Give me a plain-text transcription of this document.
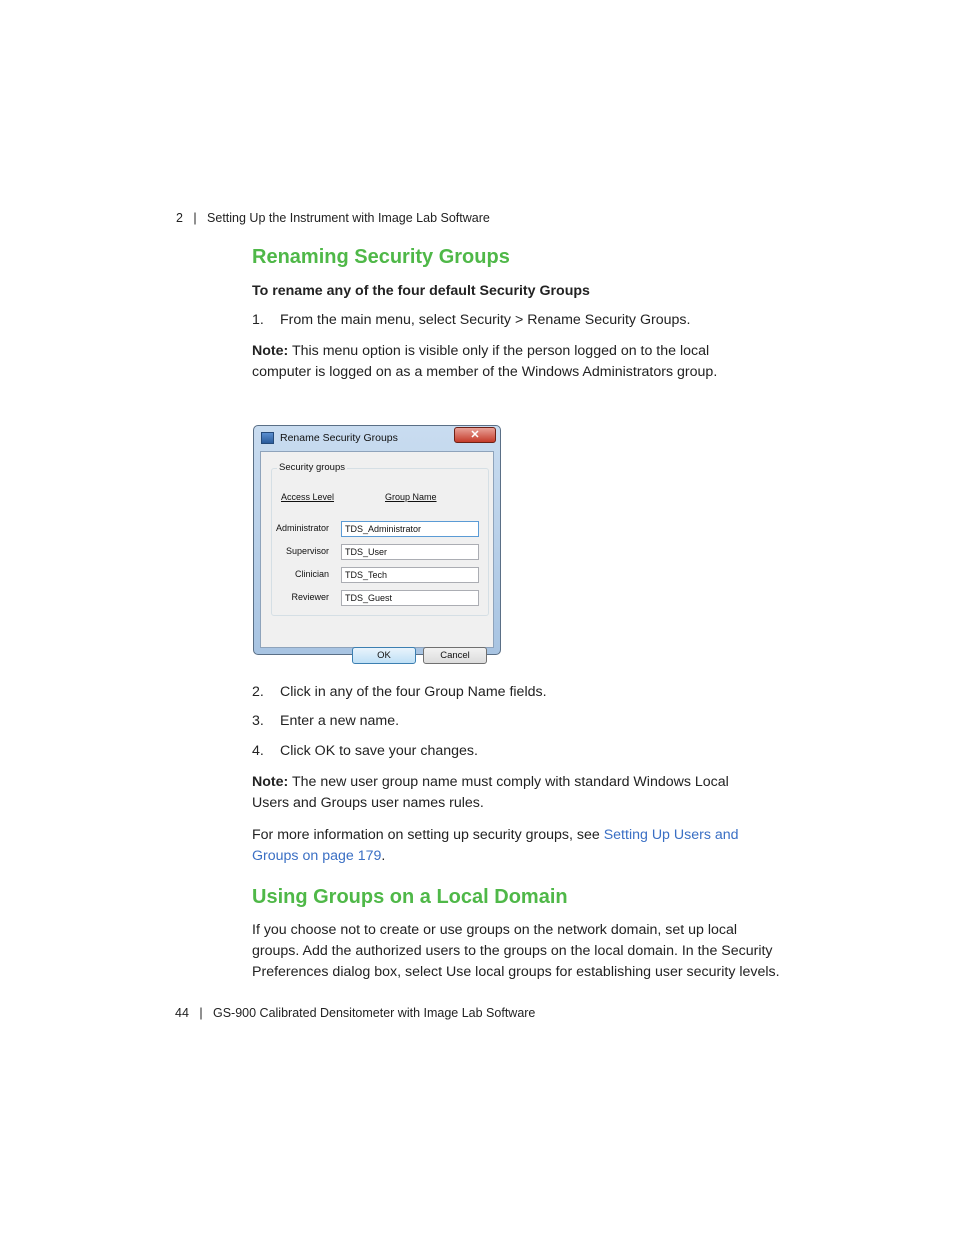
2 | Setting Up the Instrument with Image Lab Software
Renaming Security Groups
To rename any of the four default Security Groups
1. From the main menu, select Security > Rename Security Groups.
Note: This menu option is visible only if the person logged on to the local
computer is logged on as a member of the Windows Administrators group.
Rename Security Groups	✕
Security groups
Access Level	Group Name
Administrator	TDS_Administrator
Supervisor	TDS_User
Clinician	TDS_Tech
Reviewer	TDS_Guest
OK	Cancel
2. Click in any of the four Group Name fields.
3. Enter a new name.
4. Click OK to save your changes.
Note: The new user group name must comply with standard Windows Local
Users and Groups user names rules.
For more information on setting up security groups, see Setting Up Users and
Groups on page 179.
Using Groups on a Local Domain
If you choose not to create or use groups on the network domain, set up local
groups. Add the authorized users to the groups on the local domain. In the Security
Preferences dialog box, select Use local groups for establishing user security levels.
44 | GS-900 Calibrated Densitometer with Image Lab Software
